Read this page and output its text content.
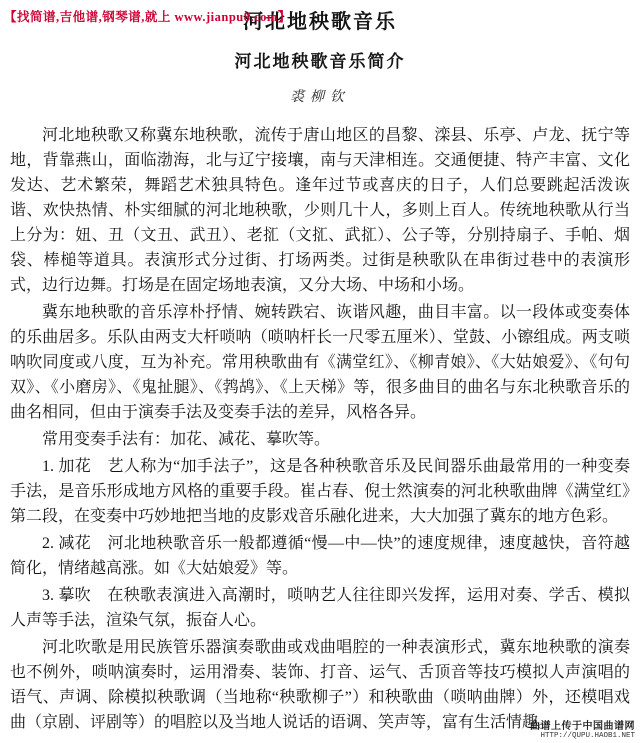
【找简谱,吉他谱,钢琴谱,就上 www.jianpu8.com】
河北地秧歌音乐
河北地秧歌音乐简介
裘柳钦

河北地秧歌又称冀东地秧歌，流传于唐山地区的昌黎、滦县、乐亭、卢龙、抚宁等地，背靠燕山，面临渤海，北与辽宁接壤，南与天津相连。交通便捷、特产丰富、文化发达、艺术繁荣，舞蹈艺术独具特色。逢年过节或喜庆的日子，人们总要跳起活泼诙谐、欢快热情、朴实细腻的河北地秧歌，少则几十人，多则上百人。传统地秧歌从行当上分为：妞、丑（文丑、武丑）、老㧟（文㧟、武㧟）、公子等，分别持扇子、手帕、烟袋、棒槌等道具。表演形式分过街、打场两类。过街是秧歌队在串街过巷中的表演形式，边行边舞。打场是在固定场地表演，又分大场、中场和小场。

冀东地秧歌的音乐淳朴抒情、婉转跌宕、诙谐风趣，曲目丰富。以一段体或变奏体的乐曲居多。乐队由两支大杆唢呐（唢呐杆长一尺零五厘米）、堂鼓、小镲组成。两支唢呐吹同度或八度，互为补充。常用秧歌曲有《满堂红》、《柳青娘》、《大姑娘爱》、《句句双》、《小磨房》、《鬼扯腿》、《鹁鸪》、《上天梯》等，很多曲目的曲名与东北秧歌音乐的曲名相同，但由于演奏手法及变奏手法的差异，风格各异。

常用变奏手法有：加花、减花、摹吹等。

1. 加花　艺人称为“加手法子”，这是各种秧歌音乐及民间器乐曲最常用的一种变奏手法，是音乐形成地方风格的重要手段。崔占春、倪士然演奏的河北秧歌曲牌《满堂红》第二段，在变奏中巧妙地把当地的皮影戏音乐融化进来，大大加强了冀东的地方色彩。

2. 减花　河北地秧歌音乐一般都遵循“慢—中—快”的速度规律，速度越快，音符越简化，情绪越高涨。如《大姑娘爱》等。

3. 摹吹　在秧歌表演进入高潮时，唢呐艺人往往即兴发挥，运用对奏、学舌、模拟人声等手法，渲染气氛，振奋人心。

河北吹歌是用民族管乐器演奏歌曲或戏曲唱腔的一种表演形式，冀东地秧歌的演奏也不例外，唢呐演奏时，运用滑奏、装饰、打音、运气、舌顶音等技巧模拟人声演唱的语气、声调、除模拟秧歌调（当地称“秧歌柳子”）和秧歌曲（唢呐曲牌）外，还模唱戏曲（京剧、评剧等）的唱腔以及当地人说话的语调、笑声等，富有生活情趣。

曲谱上传于中国曲谱网
HTTP://QUPU.HAOB1.NET
